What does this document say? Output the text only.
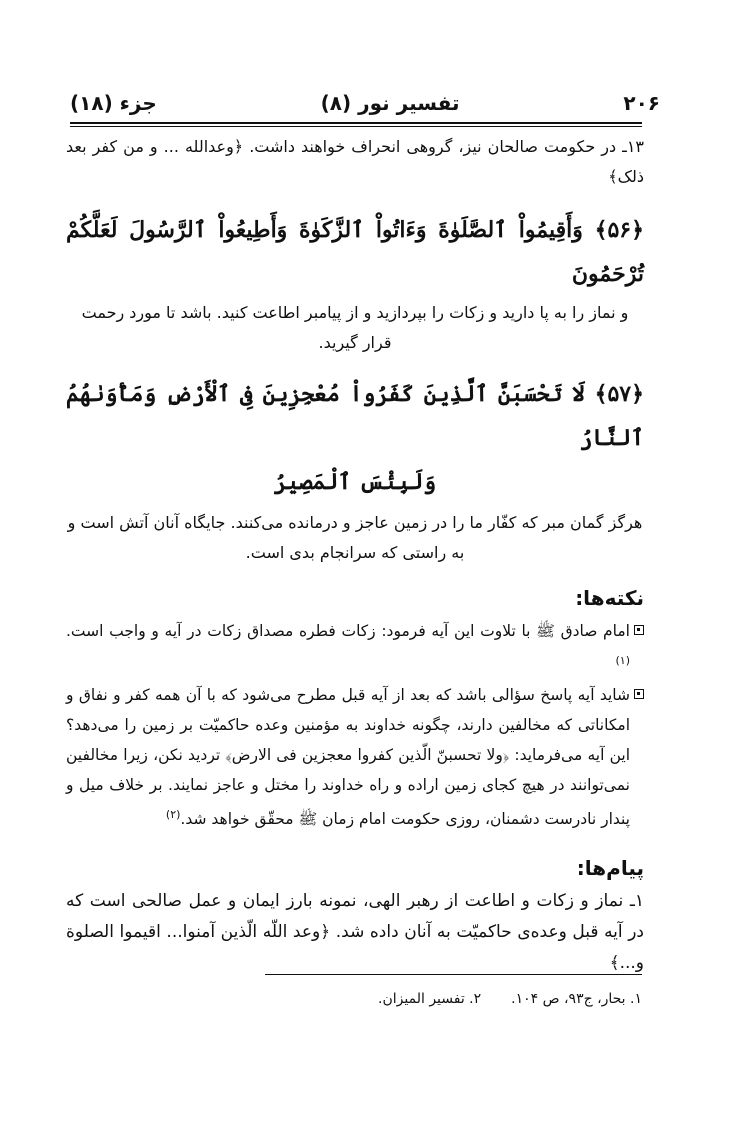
۲۰۶
تفسیر نور (۸)
جزء (۱۸)

۱۳ـ در حکومت صالحان نیز، گروهی انحراف خواهند داشت. ﴿وعدالله ... و من کفر بعد ذلک﴾

﴿۵۶﴾ وَأَقِيمُواْ ٱلصَّلَوٰةَ وَءَاتُواْ ٱلزَّكَوٰةَ وَأَطِيعُواْ ٱلرَّسُولَ لَعَلَّكُمْ تُرْحَمُونَ

و نماز را به پا دارید و زکات را بپردازید و از پیامبر اطاعت کنید. باشد تا مورد رحمت قرار گیرید.

﴿۵۷﴾ لَا تَحْسَبَنَّ ٱلَّذِينَ كَفَرُواْ مُعْجِزِينَ فِى ٱلْأَرْضِ وَمَأْوَىٰهُمُ ٱلنَّارُ

وَلَبِئْسَ ٱلْمَصِيرُ

هرگز گمان مبر که کفّار ما را در زمین عاجز و درمانده می‌کنند. جایگاه آنان آتش است و به راستی که سرانجام بدی است.

نکته‌ها:

امام صادق ﷺ با تلاوت این آیه فرمود: زکات فطره مصداق زکات در آیه و واجب است.$^{(۱)}$
شاید آیه پاسخ سؤالی باشد که بعد از آیه قبل مطرح می‌شود که با آن همه کفر و نفاق و امکاناتی که مخالفین دارند، چگونه خداوند به مؤمنین وعده حاکمیّت بر زمین را می‌دهد؟ این آیه می‌فرماید: ﴿ولا تحسبنّ الّذین کفروا معجزین فی الارض﴾ تردید نکن، زیرا مخالفین نمی‌توانند در هیچ کجای زمین اراده و راه خداوند را مختل و عاجز نمایند. بر خلاف میل و پندار نادرست دشمنان، روزی حکومت امام زمان ﷺ محقّق خواهد شد.$^{(۲)}$

پیام‌ها:

۱ـ نماز و زکات و اطاعت از رهبر الهی، نمونه بارز ایمان و عمل صالحی است که در آیه قبل وعده‌ی حاکمیّت به آنان داده شد. ﴿وعد اللّه الّذین آمنوا... اقیموا الصلوة و...﴾

۱. بحار، ج۹۳، ص ۱۰۴.
۲. تفسیر المیزان.
